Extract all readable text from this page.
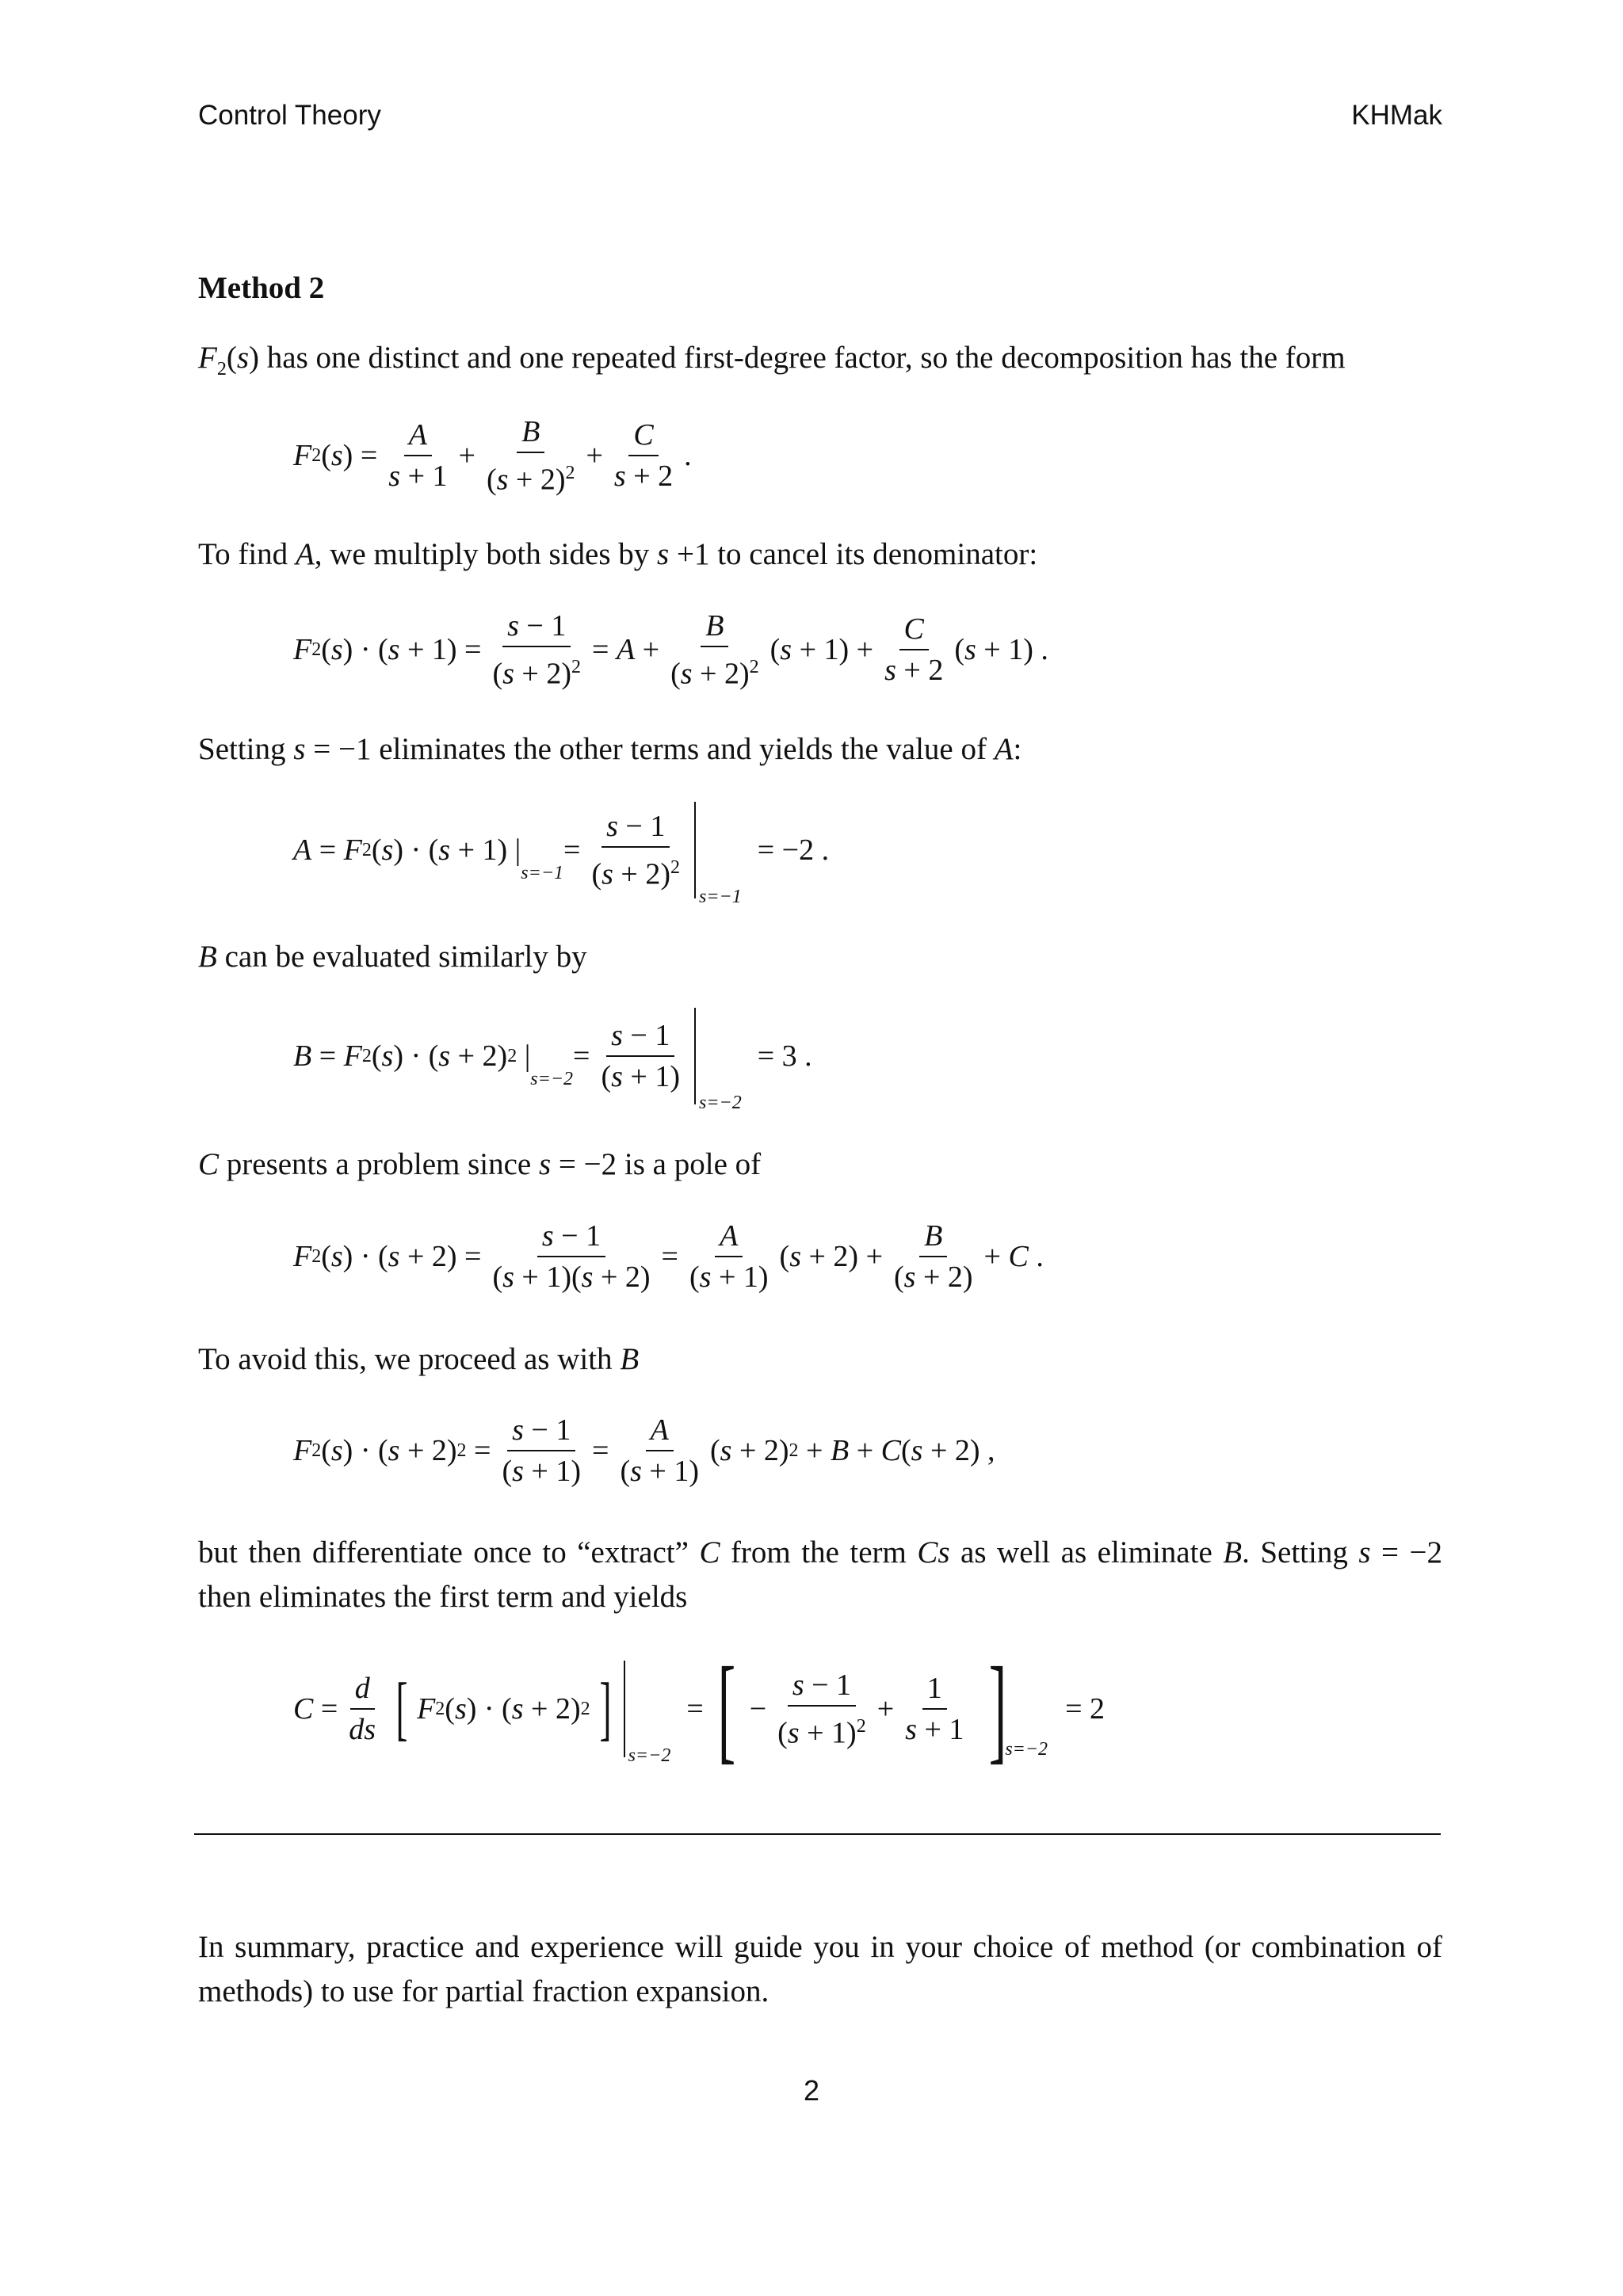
Control Theory	KHMak
Method 2
$F_2(s)$ has one distinct and one repeated first-degree factor, so the decomposition has the form
F 2 ( s ) = $\frac{A}{s + 1} + \frac{B}{(s + 2)^2} + \frac{C}{s + 2}$ .
To find A, we multiply both sides by s +1 to cancel its denominator:
F 2 ( s ) · ( $s + 1) = \frac{s - 1}{(s + 2)^2} = A + \frac{B}{(s + 2)^2}$ ( $s + 1) + \frac{C}{s + 2}$ ( s + 1) .
Setting s = −1 eliminates the other terms and yields the value of A:
A = F 2 ( s ) · ( s + 1) |
s=−1
= $\frac{s - 1}{(s + 2)^2}$
s=−1
= −2 .
B can be evaluated similarly by
B = F 2 ( s ) · ( s + 2) 2 |
s=−2
= $\frac{s - 1}{(s + 1)}$
s=−2
= 3 .
C presents a problem since s = −2 is a pole of
F 2 ( s ) · ( $s + 2) = \frac{s - 1}{(s + 1)(s + 2)} = \frac{A}{(s + 1)}$ ( $s + 2) + \frac{B}{(s + 2)} + C$ .
To avoid this, we proceed as with B
F 2 ( s ) · ( s + 2) $2 = \frac{s - 1}{(s + 1)} = \frac{A}{(s + 1)}$ ( s + 2) 2 + B + C ( s + 2) ,
but then differentiate once to “extract” C from the term Cs as well as eliminate B. Setting s = −2 then eliminates the first term and yields
$C = \frac{d}{ds}$ [ F 2 ( s ) · ( s + 2) 2 ]
s=−2
= [ − $\frac{s - 1}{(s + 1)^2} + \frac{1}{s + 1}$ ]
s=−2
= 2
In summary, practice and experience will guide you in your choice of method (or combination of methods) to use for partial fraction expansion.
2
